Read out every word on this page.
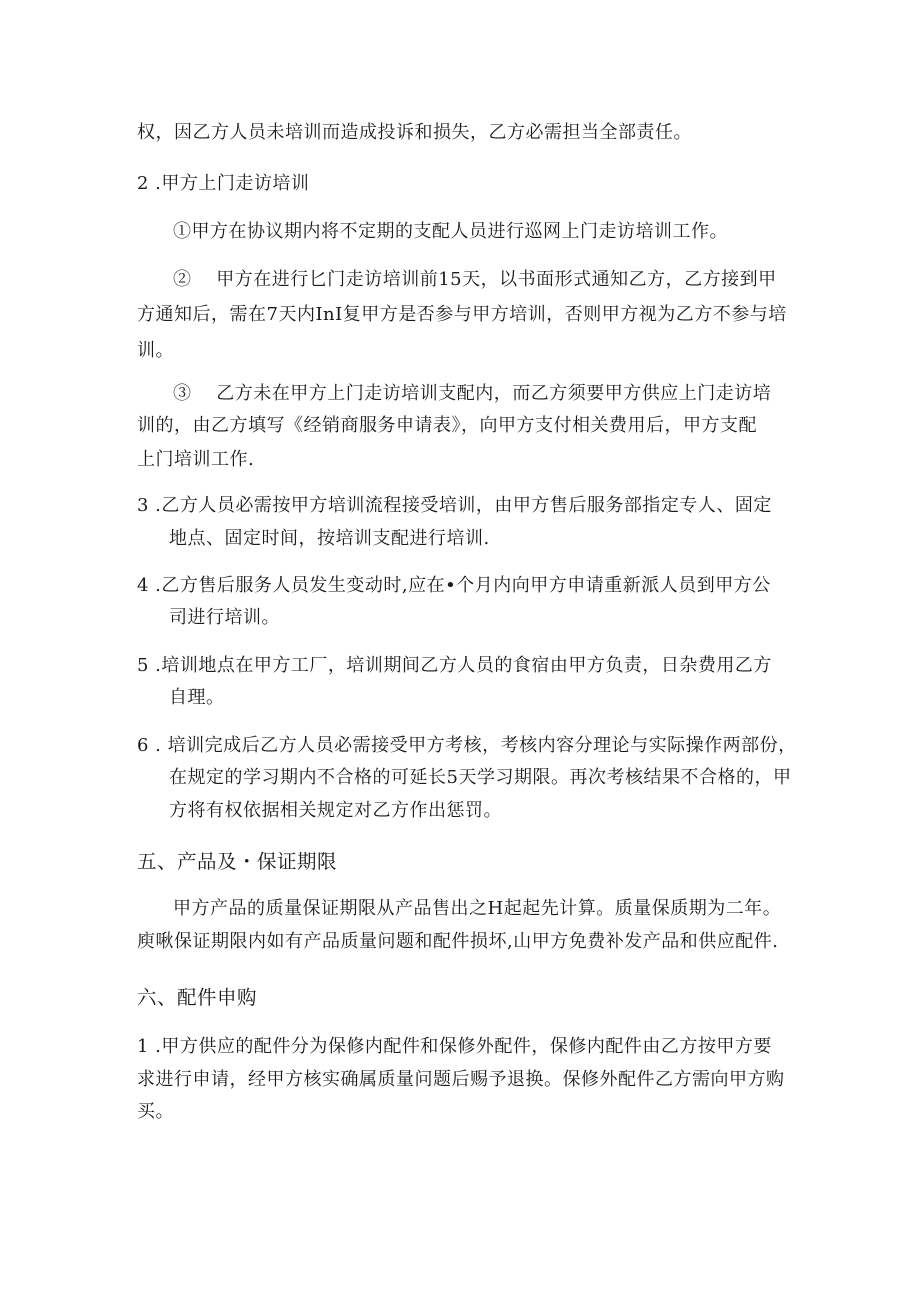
权，因乙方人员未培训而造成投诉和损失，乙方必需担当全部责任。
2 .甲方上门走访培训
①甲方在协议期内将不定期的支配人员进行巡网上门走访培训工作。
②　 甲方在进行匕门走访培训前15天，以书面形式通知乙方，乙方接到甲
方通知后，需在7天内InI复甲方是否参与甲方培训，否则甲方视为乙方不参与培
训。
③　 乙方未在甲方上门走访培训支配内，而乙方须要甲方供应上门走访培
训的，由乙方填写《经销商服务申请表》，向甲方支付相关费用后，甲方支配
上门培训工作.
3 .乙方人员必需按甲方培训流程接受培训，由甲方售后服务部指定专人、固定
地点、固定时间，按培训支配进行培训.
4 .乙方售后服务人员发生变动时,应在•个月内向甲方申请重新派人员到甲方公
司进行培训。
5 .培训地点在甲方工厂，培训期间乙方人员的食宿由甲方负责，日杂费用乙方
自理。
6 . 培训完成后乙方人员必需接受甲方考核，考核内容分理论与实际操作两部份，
在规定的学习期内不合格的可延长5天学习期限。再次考核结果不合格的，甲
方将有权依据相关规定对乙方作出惩罚。
五、产品及・保证期限
甲方产品的质量保证期限从产品售出之H起起先计算。质量保质期为二年。
庾啾保证期限内如有产品质量问题和配件损坏,山甲方免费补发产品和供应配件.
六、配件申购
1 .甲方供应的配件分为保修内配件和保修外配件，保修内配件由乙方按甲方要
求进行申请，经甲方核实确属质量问题后赐予退换。保修外配件乙方需向甲方购
买。
